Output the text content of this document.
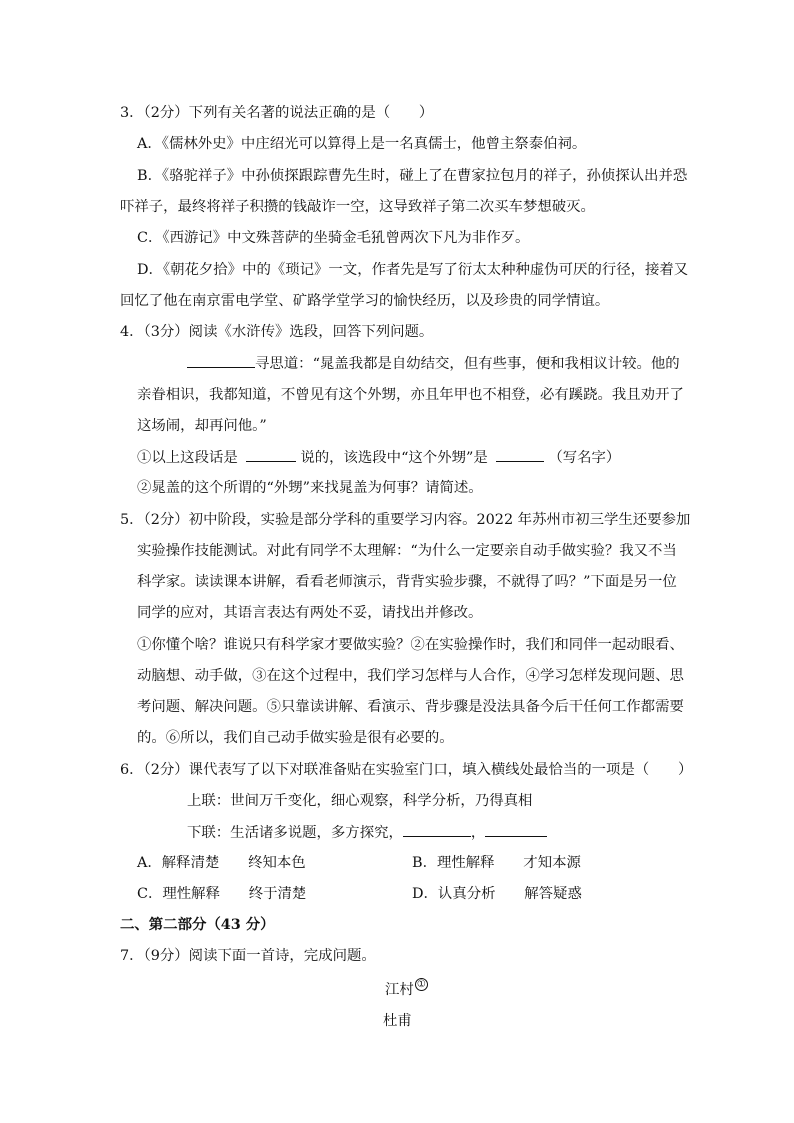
3．（2分）下列有关名著的说法正确的是（　　）
A．《儒林外史》中庄绍光可以算得上是一名真儒士，他曾主祭泰伯祠。
B．《骆驼祥子》中孙侦探跟踪曹先生时，碰上了在曹家拉包月的祥子，孙侦探认出并恐
吓祥子，最终将祥子积攒的钱敲诈一空，这导致祥子第二次买车梦想破灭。
C．《西游记》中文殊菩萨的坐骑金毛犼曾两次下凡为非作歹。
D．《朝花夕拾》中的《琐记》一文，作者先是写了衍太太种种虚伪可厌的行径，接着又
回忆了他在南京雷电学堂、矿路学堂学习的愉快经历，以及珍贵的同学情谊。
4．（3分）阅读《水浒传》选段，回答下列问题。
寻思道：“晁盖我都是自幼结交，但有些事，便和我相议计较。他的
亲眷相识，我都知道，不曾见有这个外甥，亦且年甲也不相登，必有蹊跷。我且劝开了
这场闹，却再问他。”
①以上这段话是	说的，该选段中“这个外甥”是	（写名字）
②晁盖的这个所谓的“外甥”来找晁盖为何事？请简述。
5．（2分）初中阶段，实验是部分学科的重要学习内容。2022 年苏州市初三学生还要参加
实验操作技能测试。对此有同学不太理解：“为什么一定要亲自动手做实验？我又不当
科学家。读读课本讲解，看看老师演示，背背实验步骤，不就得了吗？”下面是另一位
同学的应对，其语言表达有两处不妥，请找出并修改。
①你懂个啥？谁说只有科学家才要做实验？②在实验操作时，我们和同伴一起动眼看、
动脑想、动手做，③在这个过程中，我们学习怎样与人合作，④学习怎样发现问题、思
考问题、解决问题。⑤只靠读讲解、看演示、背步骤是没法具备今后干任何工作都需要
的。⑥所以，我们自己动手做实验是很有必要的。
6．（2分）课代表写了以下对联准备贴在实验室门口，填入横线处最恰当的一项是（　　）
上联：世间万千变化，细心观察，科学分析，乃得真相
下联：生活诸多说题，多方探究，	，
A．解释清楚　　终知本色	B．理性解释　　才知本源
C．理性解释　　终于清楚	D．认真分析　　解答疑惑
二、第二部分（43 分）
7．（9分）阅读下面一首诗，完成问题。
江村 ①
杜甫
